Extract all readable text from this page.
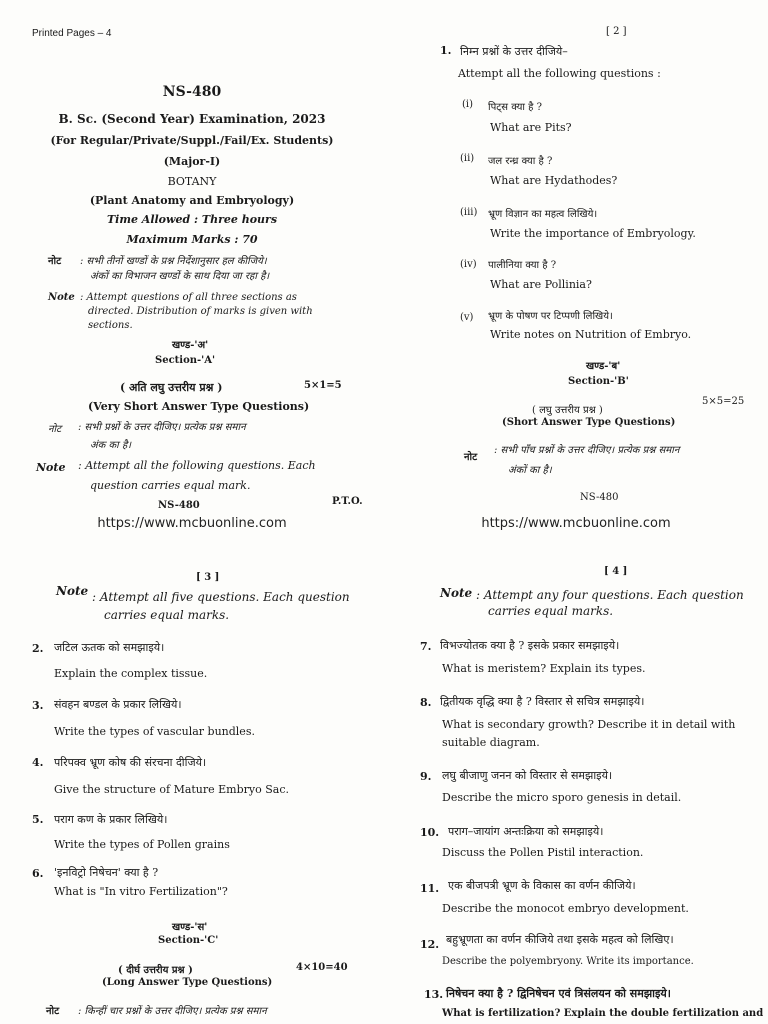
Printed Pages – 4
NS-480
B. Sc. (Second Year) Examination, 2023
(For Regular/Private/Suppl./Fail/Ex. Students)
(Major-I)
BOTANY
(Plant Anatomy and Embryology)
Time Allowed : Three hours
Maximum Marks : 70
नोट : सभी तीनों खण्डों के प्रश्न निर्देशानुसार हल कीजिये।
अंकों का विभाजन खण्डों के साथ दिया जा रहा है।
Note : Attempt questions of all three sections as
directed. Distribution of marks is given with
sections.
खण्ड-'अ'
Section-'A'
( अति लघु उत्तरीय प्रश्न )	5×1=5
(Very Short Answer Type Questions)
नोट : सभी प्रश्नों के उत्तर दीजिए। प्रत्येक प्रश्न समान
अंक का है।
Note : Attempt all the following questions. Each
question carries equal mark.
NS-480	P.T.O.
https://www.mcbuonline.com
[ 2 ]
1. निम्न प्रश्नों के उत्तर दीजिये–
Attempt all the following questions :
(i) पिट्स क्या है ?
What are Pits?
(ii) जल रन्ध्र क्या है ?
What are Hydathodes?
(iii) भ्रूण विज्ञान का महत्व लिखिये।
Write the importance of Embryology.
(iv) पालीनिया क्या है ?
What are Pollinia?
(v) भ्रूण के पोषण पर टिप्पणी लिखिये।
Write notes on Nutrition of Embryo.
खण्ड-'ब'
Section-'B'
( लघु उत्तरीय प्रश्न )
5×5=25
(Short Answer Type Questions)
नोट
: सभी पाँच प्रश्नों के उत्तर दीजिए। प्रत्येक प्रश्न समान
अंकों का है।
NS-480
https://www.mcbuonline.com
[ 3 ]
Note : Attempt all five questions. Each question
carries equal marks.
2. जटिल ऊतक को समझाइये।
Explain the complex tissue.
3. संवहन बण्डल के प्रकार लिखिये।
Write the types of vascular bundles.
4. परिपक्व भ्रूण कोष की संरचना दीजिये।
Give the structure of Mature Embryo Sac.
5. पराग कण के प्रकार लिखिये।
Write the types of Pollen grains
6. 'इनविट्रो निषेचन' क्या है ?
What is "In vitro Fertilization"?
खण्ड-'स'
Section-'C'
( दीर्घ उत्तरीय प्रश्न )	4×10=40
(Long Answer Type Questions)
नोट : किन्हीं चार प्रश्नों के उत्तर दीजिए। प्रत्येक प्रश्न समान
[ 4 ]
Note : Attempt any four questions. Each question
carries equal marks.
7. विभज्योतक क्या है ? इसके प्रकार समझाइये।
What is meristem? Explain its types.
8. द्वितीयक वृद्धि क्या है ? विस्तार से सचित्र समझाइये।
What is secondary growth? Describe it in detail with
suitable diagram.
9. लघु बीजाणु जनन को विस्तार से समझाइये।
Describe the micro sporo genesis in detail.
10. पराग–जायांग अन्तःक्रिया को समझाइये।
Discuss the Pollen Pistil interaction.
11. एक बीजपत्री भ्रूण के विकास का वर्णन कीजिये।
Describe the monocot embryo development.
12. बहुभ्रूणता का वर्णन कीजिये तथा इसके महत्व को लिखिए।
Describe the polyembryony. Write its importance.
13. निषेचन क्या है ? द्विनिषेचन एवं त्रिसंलयन को समझाइये।
What is fertilization? Explain the double fertilization and
